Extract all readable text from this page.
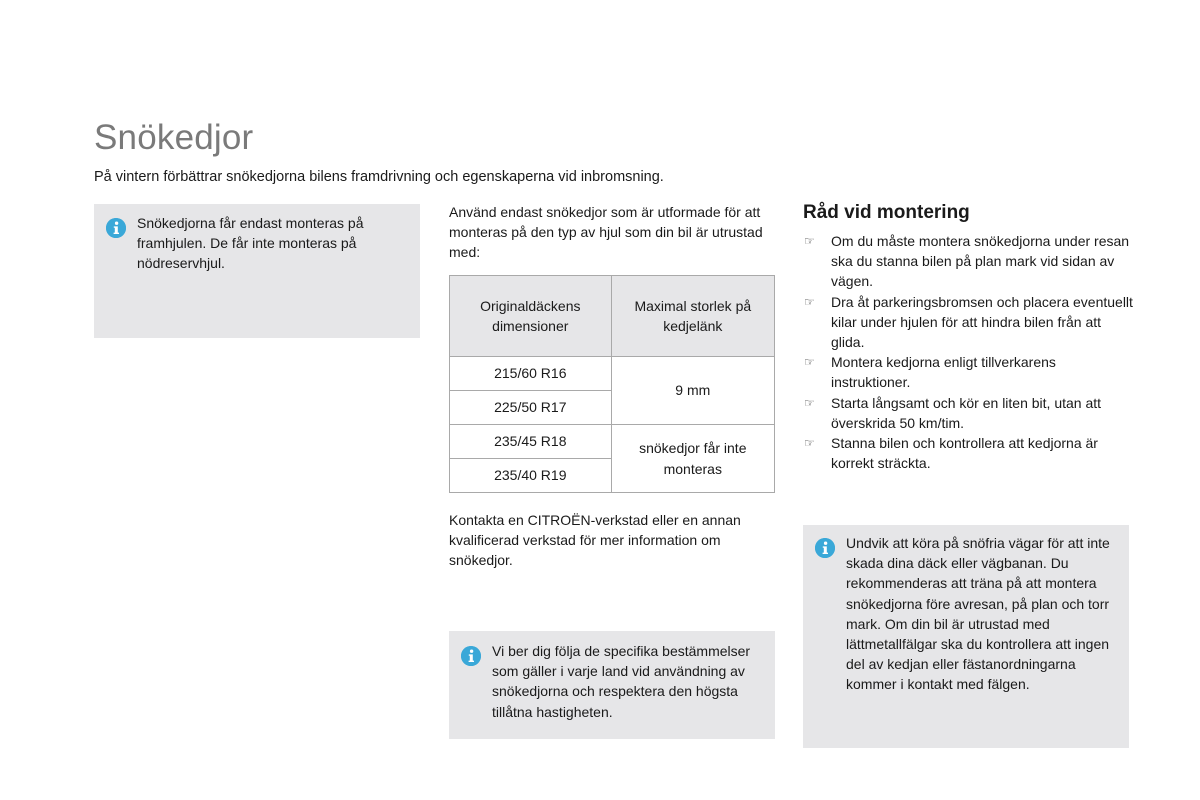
Snökedjor

På vintern förbättrar snökedjorna bilens framdrivning och egenskaperna vid inbromsning.

Snökedjorna får endast monteras på framhjulen. De får inte monteras på nödreservhjul.

Använd endast snökedjor som är utformade för att monteras på den typ av hjul som din bil är utrustad med:

Originaldäckens dimensioner	Maximal storlek på kedjelänk
215/60 R16	9 mm
225/50 R17	
235/45 R18	snökedjor får inte monteras
235/40 R19	

Kontakta en CITROËN-verkstad eller en annan kvalificerad verkstad för mer information om snökedjor.

Vi ber dig följa de specifika bestämmelser som gäller i varje land vid användning av snökedjorna och respektera den högsta tillåtna hastigheten.

Råd vid montering
☞ Om du måste montera snökedjorna under resan ska du stanna bilen på plan mark vid sidan av vägen.
☞ Dra åt parkeringsbromsen och placera eventuellt kilar under hjulen för att hindra bilen från att glida.
☞ Montera kedjorna enligt tillverkarens instruktioner.
☞ Starta långsamt och kör en liten bit, utan att överskrida 50 km/tim.
☞ Stanna bilen och kontrollera att kedjorna är korrekt sträckta.

Undvik att köra på snöfria vägar för att inte skada dina däck eller vägbanan. Du rekommenderas att träna på att montera snökedjorna före avresan, på plan och torr mark. Om din bil är utrustad med lättmetallfälgar ska du kontrollera att ingen del av kedjan eller fästanordningarna kommer i kontakt med fälgen.
